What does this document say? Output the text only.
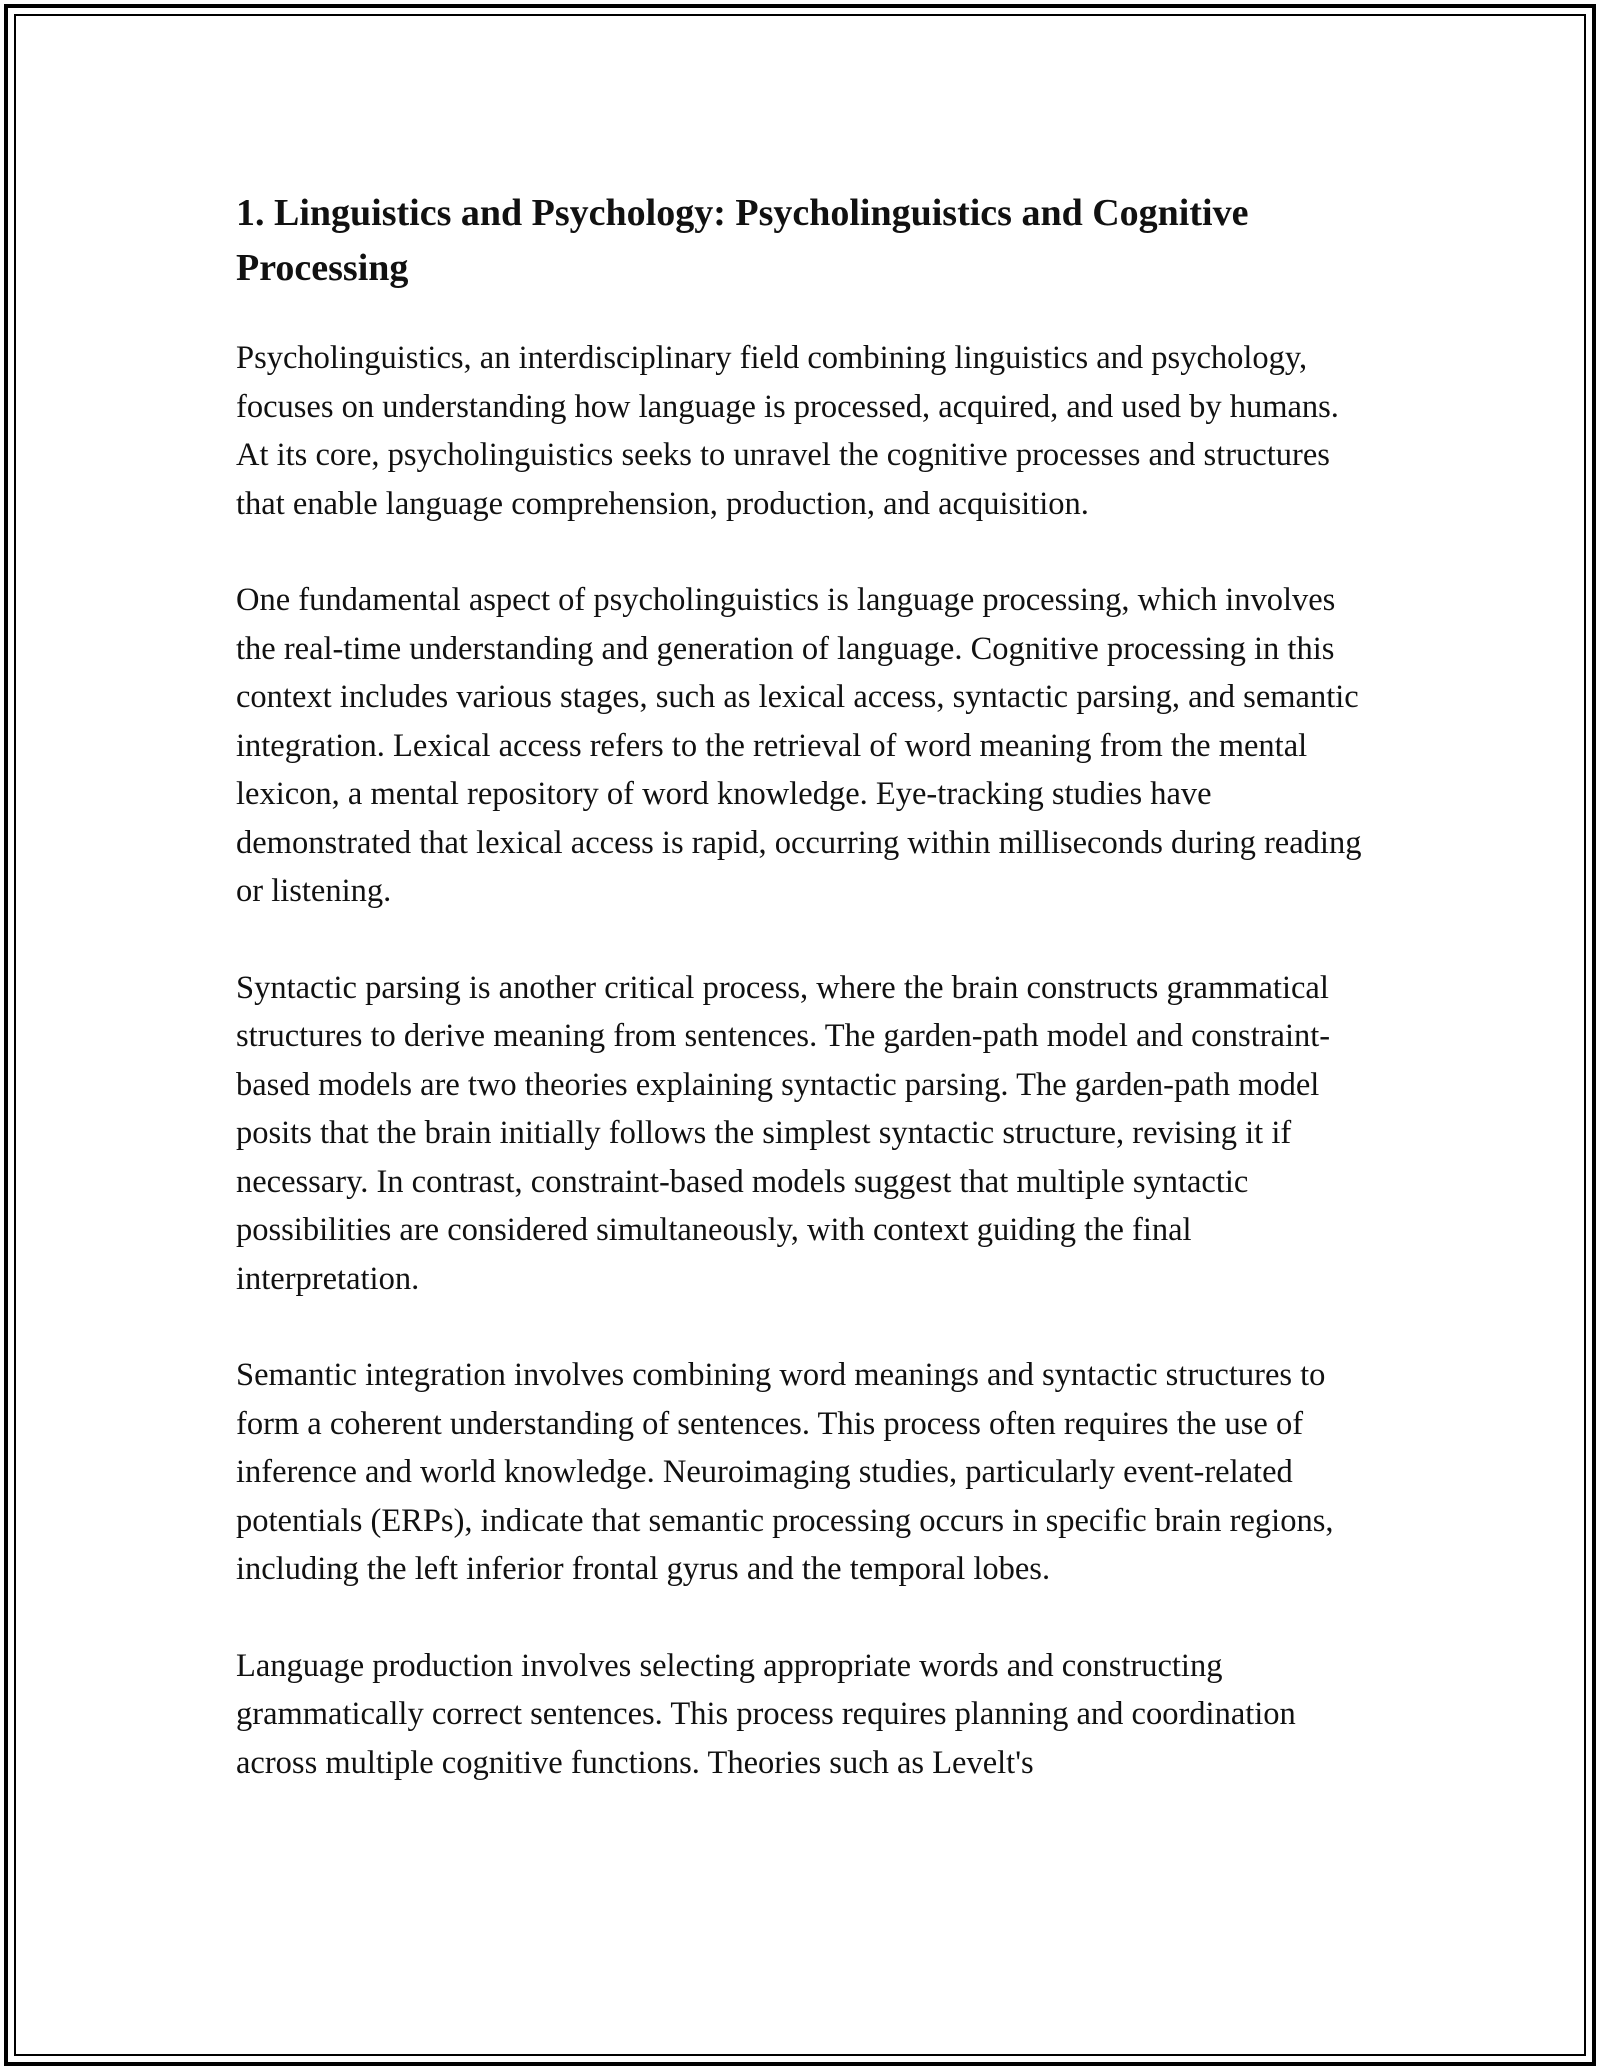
1. Linguistics and Psychology: Psycholinguistics and Cognitive Processing

Psycholinguistics, an interdisciplinary field combining linguistics and psychology, focuses on understanding how language is processed, acquired, and used by humans. At its core, psycholinguistics seeks to unravel the cognitive processes and structures that enable language comprehension, production, and acquisition.

One fundamental aspect of psycholinguistics is language processing, which involves the real-time understanding and generation of language. Cognitive processing in this context includes various stages, such as lexical access, syntactic parsing, and semantic integration. Lexical access refers to the retrieval of word meaning from the mental lexicon, a mental repository of word knowledge. Eye-tracking studies have demonstrated that lexical access is rapid, occurring within milliseconds during reading or listening.

Syntactic parsing is another critical process, where the brain constructs grammatical structures to derive meaning from sentences. The garden-path model and constraint-based models are two theories explaining syntactic parsing. The garden-path model posits that the brain initially follows the simplest syntactic structure, revising it if necessary. In contrast, constraint-based models suggest that multiple syntactic possibilities are considered simultaneously, with context guiding the final interpretation.

Semantic integration involves combining word meanings and syntactic structures to form a coherent understanding of sentences. This process often requires the use of inference and world knowledge. Neuroimaging studies, particularly event-related potentials (ERPs), indicate that semantic processing occurs in specific brain regions, including the left inferior frontal gyrus and the temporal lobes.

Language production involves selecting appropriate words and constructing grammatically correct sentences. This process requires planning and coordination across multiple cognitive functions. Theories such as Levelt's
